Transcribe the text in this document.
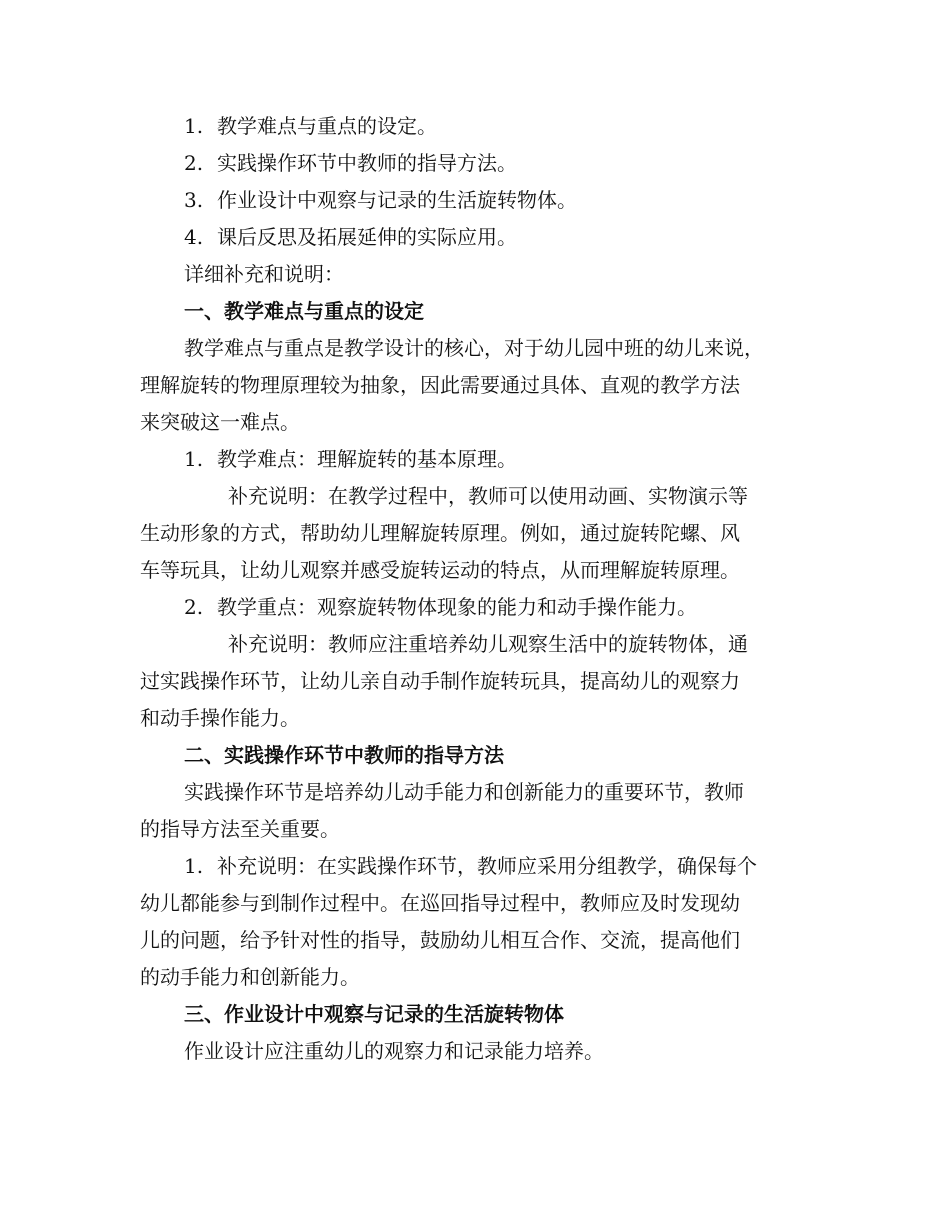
1. 教学难点与重点的设定。
2. 实践操作环节中教师的指导方法。
3. 作业设计中观察与记录的生活旋转物体。
4. 课后反思及拓展延伸的实际应用。
详细补充和说明：
一、教学难点与重点的设定
教学难点与重点是教学设计的核心，对于幼儿园中班的幼儿来说，
理解旋转的物理原理较为抽象，因此需要通过具体、直观的教学方法
来突破这一难点。
1. 教学难点：理解旋转的基本原理。
补充说明：在教学过程中，教师可以使用动画、实物演示等
生动形象的方式，帮助幼儿理解旋转原理。例如，通过旋转陀螺、风
车等玩具，让幼儿观察并感受旋转运动的特点，从而理解旋转原理。
2. 教学重点：观察旋转物体现象的能力和动手操作能力。
补充说明：教师应注重培养幼儿观察生活中的旋转物体，通
过实践操作环节，让幼儿亲自动手制作旋转玩具，提高幼儿的观察力
和动手操作能力。
二、实践操作环节中教师的指导方法
实践操作环节是培养幼儿动手能力和创新能力的重要环节，教师
的指导方法至关重要。
1. 补充说明：在实践操作环节，教师应采用分组教学，确保每个
幼儿都能参与到制作过程中。在巡回指导过程中，教师应及时发现幼
儿的问题，给予针对性的指导，鼓励幼儿相互合作、交流，提高他们
的动手能力和创新能力。
三、作业设计中观察与记录的生活旋转物体
作业设计应注重幼儿的观察力和记录能力培养。
